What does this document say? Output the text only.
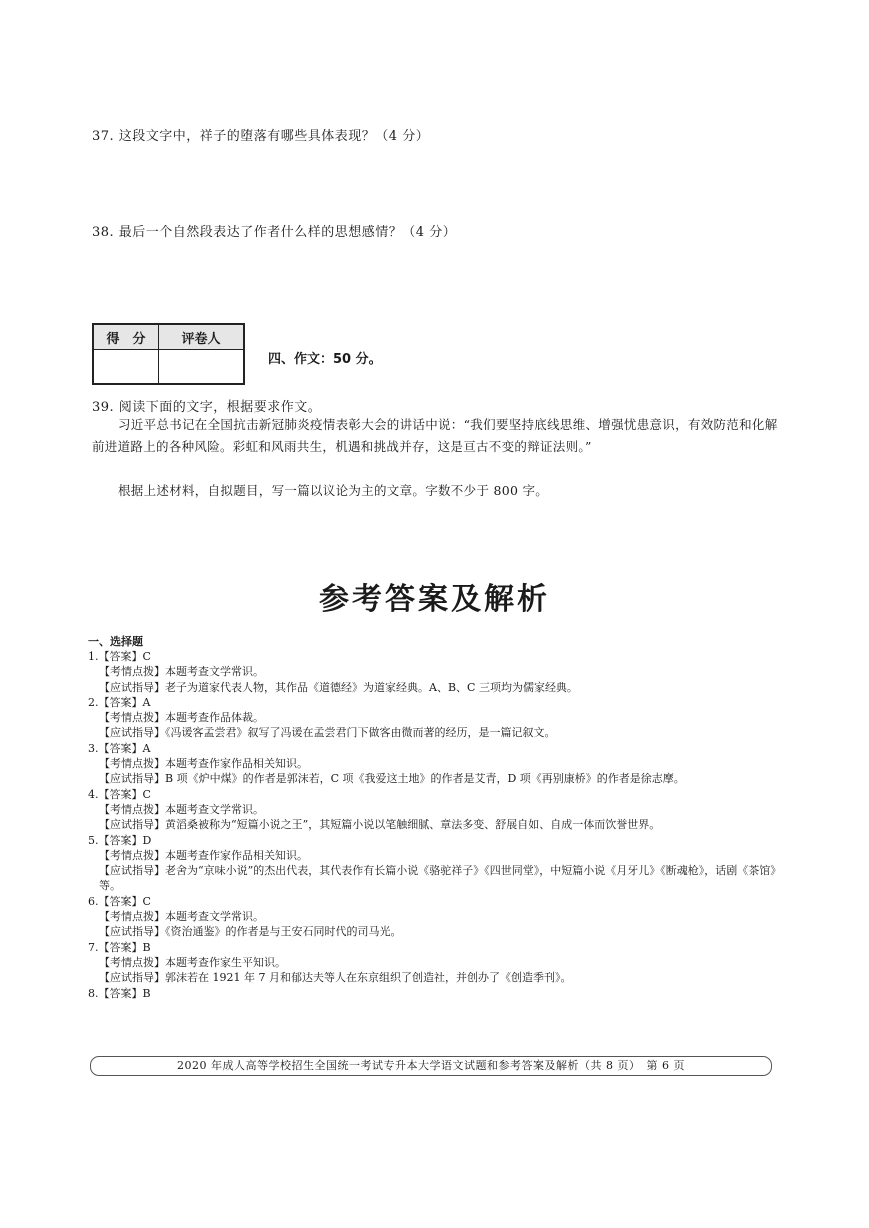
37. 这段文字中，祥子的堕落有哪些具体表现？（4 分）
38. 最后一个自然段表达了作者什么样的思想感情？（4 分）
得　分	评卷人

四、作文：50 分。
39. 阅读下面的文字，根据要求作文。
习近平总书记在全国抗击新冠肺炎疫情表彰大会的讲话中说：“我们要坚持底线思维、增强忧患意识，有效防范和化解前进道路上的各种风险。彩虹和风雨共生，机遇和挑战并存，这是亘古不变的辩证法则。”
根据上述材料，自拟题目，写一篇以议论为主的文章。字数不少于 800 字。
参考答案及解析
一、选择题
1.【答案】C
【考情点拨】本题考查文学常识。
【应试指导】老子为道家代表人物，其作品《道德经》为道家经典。A、B、C 三项均为儒家经典。
2.【答案】A
【考情点拨】本题考查作品体裁。
【应试指导】《冯谖客孟尝君》叙写了冯谖在孟尝君门下做客由微而著的经历，是一篇记叙文。
3.【答案】A
【考情点拨】本题考查作家作品相关知识。
【应试指导】B 项《炉中煤》的作者是郭沫若，C 项《我爱这土地》的作者是艾青，D 项《再别康桥》的作者是徐志摩。
4.【答案】C
【考情点拨】本题考查文学常识。
【应试指导】黄滔桑被称为“短篇小说之王”，其短篇小说以笔触细腻、章法多变、舒展自如、自成一体而饮誉世界。
5.【答案】D
【考情点拨】本题考查作家作品相关知识。
【应试指导】老舍为“京味小说”的杰出代表，其代表作有长篇小说《骆驼祥子》《四世同堂》，中短篇小说《月牙儿》《断魂枪》，话剧《茶馆》等。
6.【答案】C
【考情点拨】本题考查文学常识。
【应试指导】《资治通鉴》的作者是与王安石同时代的司马光。
7.【答案】B
【考情点拨】本题考查作家生平知识。
【应试指导】郭沫若在 1921 年 7 月和郁达夫等人在东京组织了创造社，并创办了《创造季刊》。
8.【答案】B
2020 年成人高等学校招生全国统一考试专升本大学语文试题和参考答案及解析（共 8 页）　第 6 页
